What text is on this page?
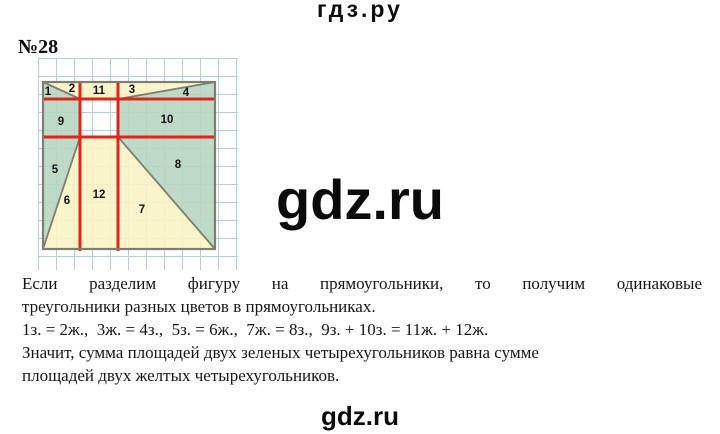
гдз.ру
№28
1 2	3	4
5
6
7
8
9	10
11
12	gdz.ru
Если разделим фигуру на прямоугольники, то получим одинаковые
треугольники разных цветов в прямоугольниках.
1з. = 2ж.,  3ж. = 4з.,  5з. = 6ж.,  7ж. = 8з.,  9з. + 10з. = 11ж. + 12ж.
Значит, сумма площадей двух зеленых четырехугольников равна сумме
площадей двух желтых четырехугольников.
gdz.ru
